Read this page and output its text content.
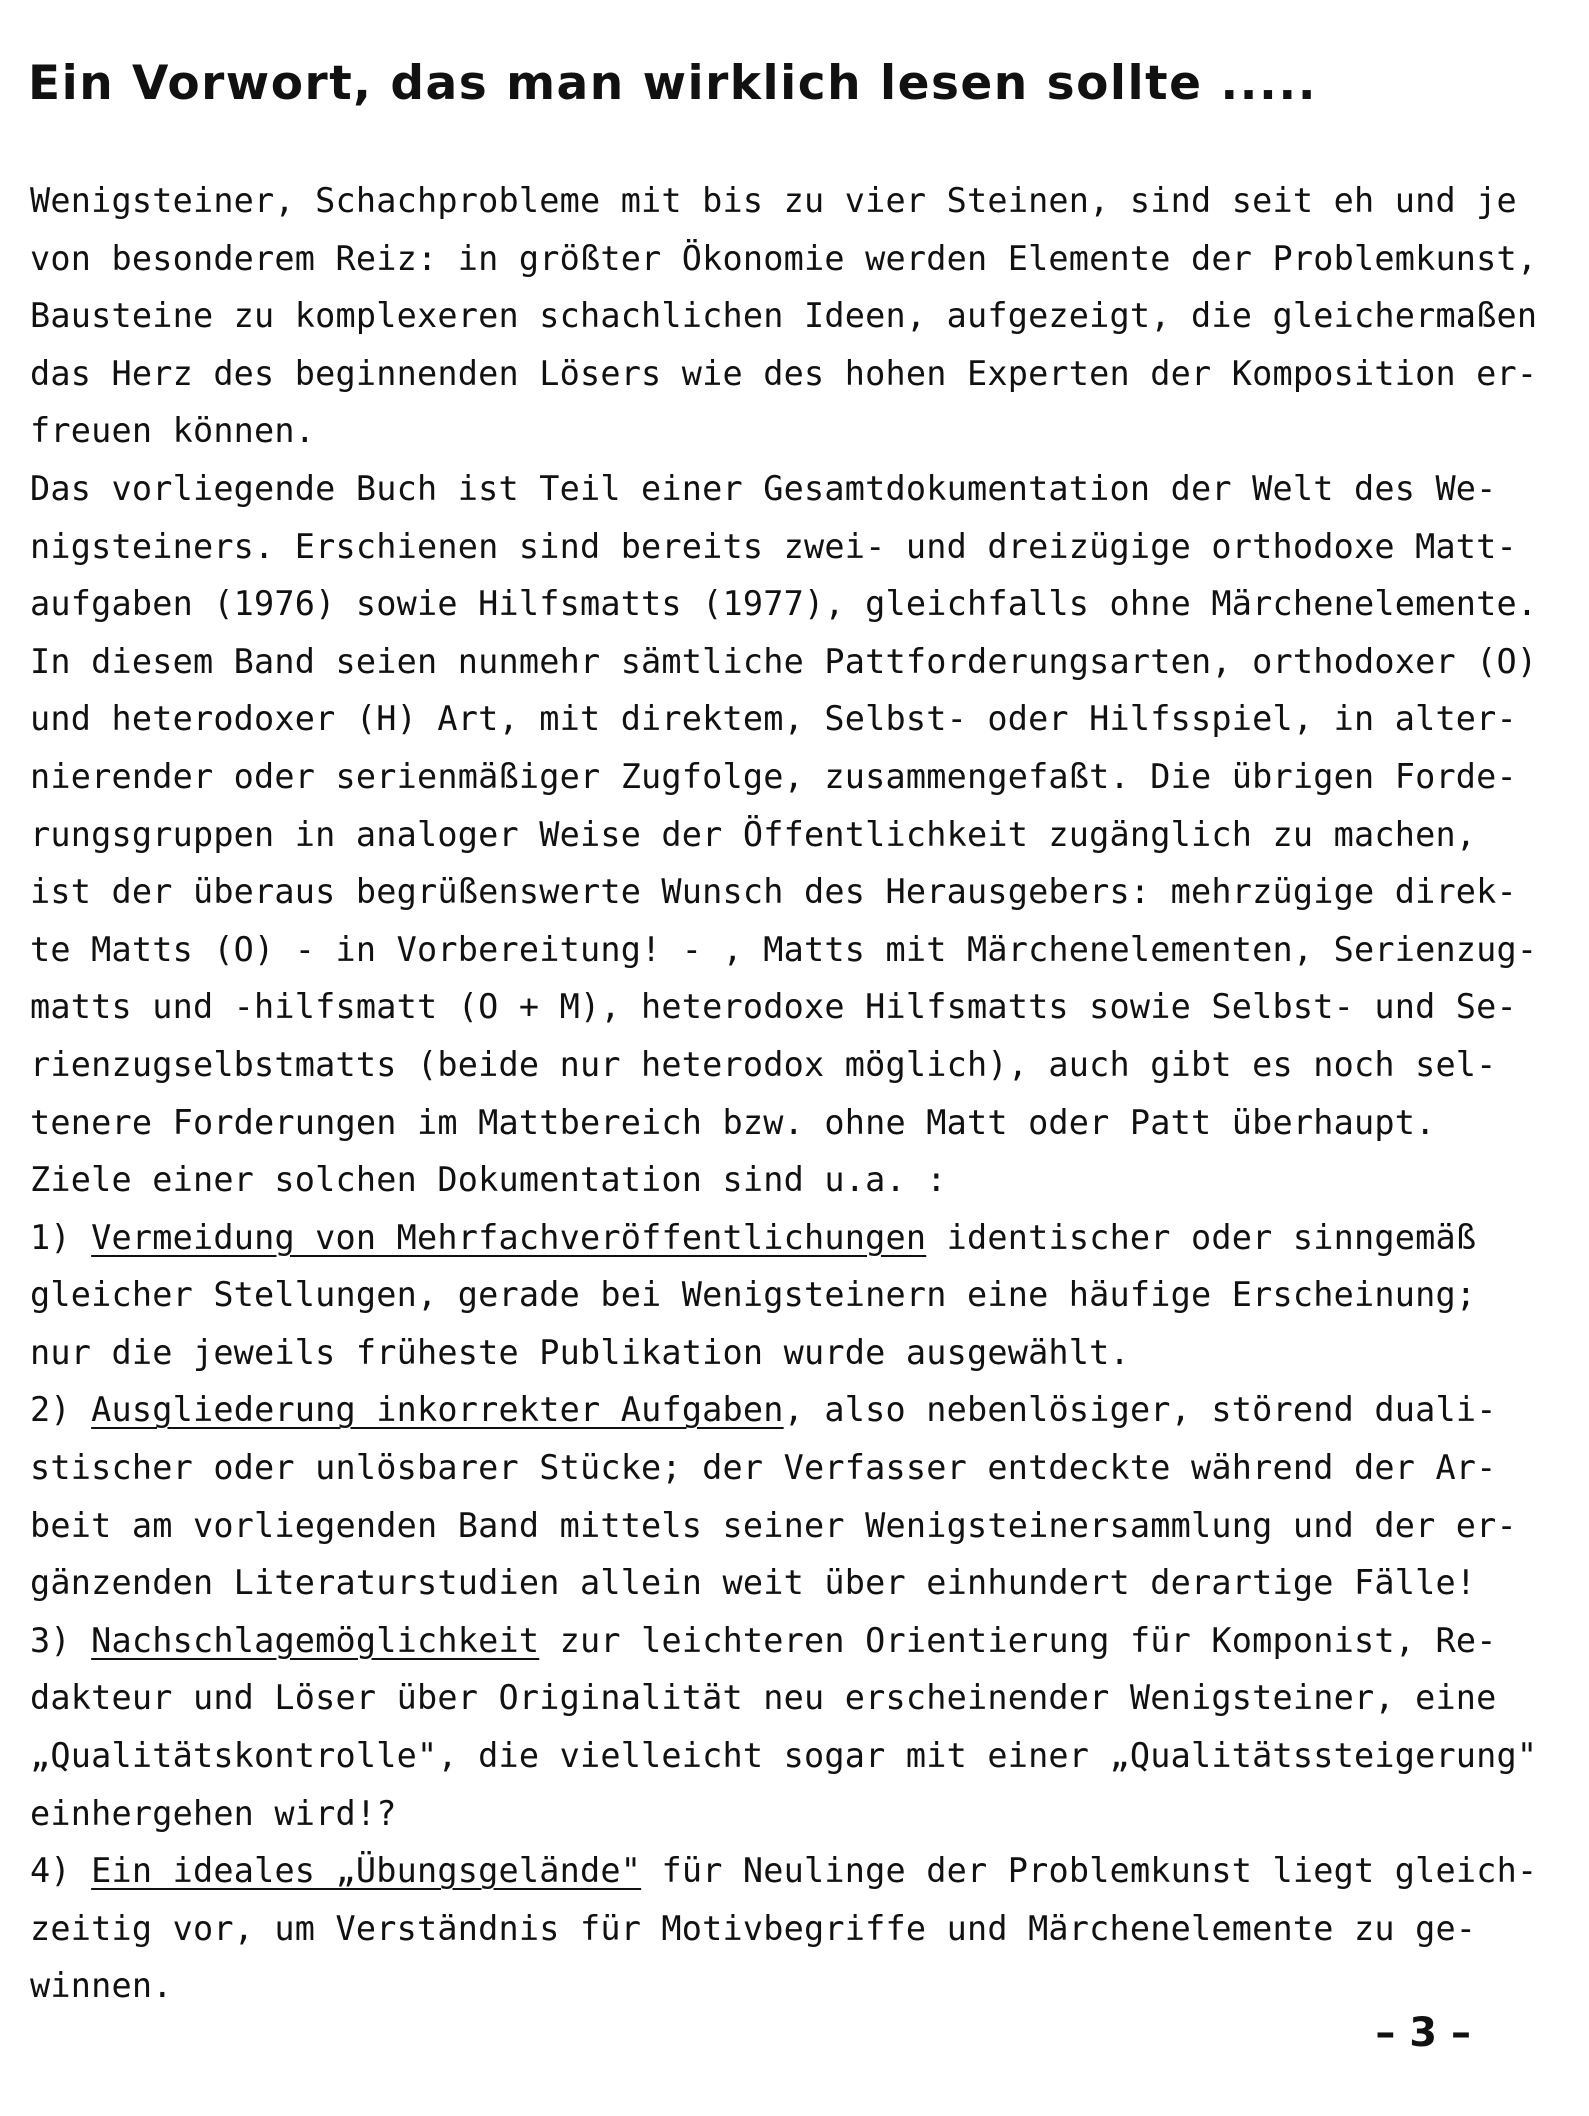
Ein Vorwort, das man wirklich lesen sollte .....
Wenigsteiner, Schachprobleme mit bis zu vier Steinen, sind seit eh und je
von besonderem Reiz: in größter Ökonomie werden Elemente der Problemkunst,
Bausteine zu komplexeren schachlichen Ideen, aufgezeigt, die gleichermaßen
das Herz des beginnenden Lösers wie des hohen Experten der Komposition er-
freuen können.
Das vorliegende Buch ist Teil einer Gesamtdokumentation der Welt des We-
nigsteiners. Erschienen sind bereits zwei- und dreizügige orthodoxe Matt-
aufgaben (1976) sowie Hilfsmatts (1977), gleichfalls ohne Märchenelemente.
In diesem Band seien nunmehr sämtliche Pattforderungsarten, orthodoxer (O)
und heterodoxer (H) Art, mit direktem, Selbst- oder Hilfsspiel, in alter-
nierender oder serienmäßiger Zugfolge, zusammengefaßt. Die übrigen Forde-
rungsgruppen in analoger Weise der Öffentlichkeit zugänglich zu machen,
ist der überaus begrüßenswerte Wunsch des Herausgebers: mehrzügige direk-
te Matts (O) - in Vorbereitung! - , Matts mit Märchenelementen, Serienzug-
matts und -hilfsmatt (O + M), heterodoxe Hilfsmatts sowie Selbst- und Se-
rienzugselbstmatts (beide nur heterodox möglich), auch gibt es noch sel-
tenere Forderungen im Mattbereich bzw. ohne Matt oder Patt überhaupt.
Ziele einer solchen Dokumentation sind u.a. :
1) Vermeidung von Mehrfachveröffentlichungen identischer oder sinngemäß
gleicher Stellungen, gerade bei Wenigsteinern eine häufige Erscheinung;
nur die jeweils früheste Publikation wurde ausgewählt.
2) Ausgliederung inkorrekter Aufgaben, also nebenlösiger, störend duali-
stischer oder unlösbarer Stücke; der Verfasser entdeckte während der Ar-
beit am vorliegenden Band mittels seiner Wenigsteinersammlung und der er-
gänzenden Literaturstudien allein weit über einhundert derartige Fälle!
3) Nachschlagemöglichkeit zur leichteren Orientierung für Komponist, Re-
dakteur und Löser über Originalität neu erscheinender Wenigsteiner, eine
„Qualitätskontrolle", die vielleicht sogar mit einer „Qualitätssteigerung"
einhergehen wird!?
4) Ein ideales „Übungsgelände" für Neulinge der Problemkunst liegt gleich-
zeitig vor, um Verständnis für Motivbegriffe und Märchenelemente zu ge-
winnen.
– 3 –
